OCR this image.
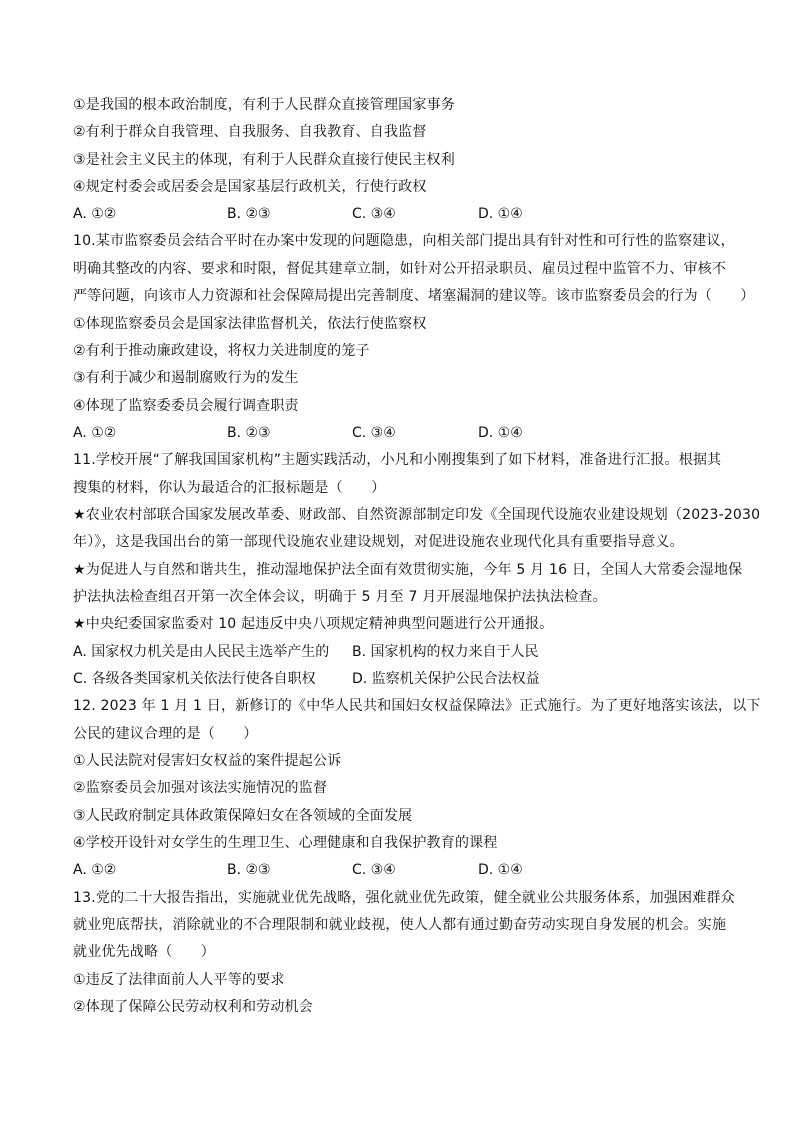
①是我国的根本政治制度，有利于人民群众直接管理国家事务
②有利于群众自我管理、自我服务、自我教育、自我监督
③是社会主义民主的体现，有利于人民群众直接行使民主权利
④规定村委会或居委会是国家基层行政机关，行使行政权
A. ①②	B. ②③	C. ③④	D. ①④
10.某市监察委员会结合平时在办案中发现的问题隐患，向相关部门提出具有针对性和可行性的监察建议，
明确其整改的内容、要求和时限，督促其建章立制，如针对公开招录职员、雇员过程中监管不力、审核不
严等问题，向该市人力资源和社会保障局提出完善制度、堵塞漏洞的建议等。该市监察委员会的行为（　　）
①体现监察委员会是国家法律监督机关，依法行使监察权
②有利于推动廉政建设，将权力关进制度的笼子
③有利于减少和遏制腐败行为的发生
④体现了监察委委员会履行调查职责
A. ①②	B. ②③	C. ③④	D. ①④
11.学校开展“了解我国国家机构”主题实践活动，小凡和小刚搜集到了如下材料，准备进行汇报。根据其
搜集的材料，你认为最适合的汇报标题是（　　）
★农业农村部联合国家发展改革委、财政部、自然资源部制定印发《全国现代设施农业建设规划（2023-2030
年）》，这是我国出台的第一部现代设施农业建设规划，对促进设施农业现代化具有重要指导意义。
★为促进人与自然和谐共生，推动湿地保护法全面有效贯彻实施，今年 5 月 16 日，全国人大常委会湿地保
护法执法检查组召开第一次全体会议，明确于 5 月至 7 月开展湿地保护法执法检查。
★中央纪委国家监委对 10 起违反中央八项规定精神典型问题进行公开通报。
A. 国家权力机关是由人民民主选举产生的 B. 国家机构的权力来自于人民
C. 各级各类国家机关依法行使各自职权	D. 监察机关保护公民合法权益
12. 2023 年 1 月 1 日，新修订的《中华人民共和国妇女权益保障法》正式施行。为了更好地落实该法，以下
公民的建议合理的是（　　）
①人民法院对侵害妇女权益的案件提起公诉
②监察委员会加强对该法实施情况的监督
③人民政府制定具体政策保障妇女在各领域的全面发展
④学校开设针对女学生的生理卫生、心理健康和自我保护教育的课程
A. ①②	B. ②③	C. ③④	D. ①④
13.党的二十大报告指出，实施就业优先战略，强化就业优先政策，健全就业公共服务体系，加强困难群众
就业兜底帮扶，消除就业的不合理限制和就业歧视，使人人都有通过勤奋劳动实现自身发展的机会。实施
就业优先战略（　　）
①违反了法律面前人人平等的要求
②体现了保障公民劳动权利和劳动机会
